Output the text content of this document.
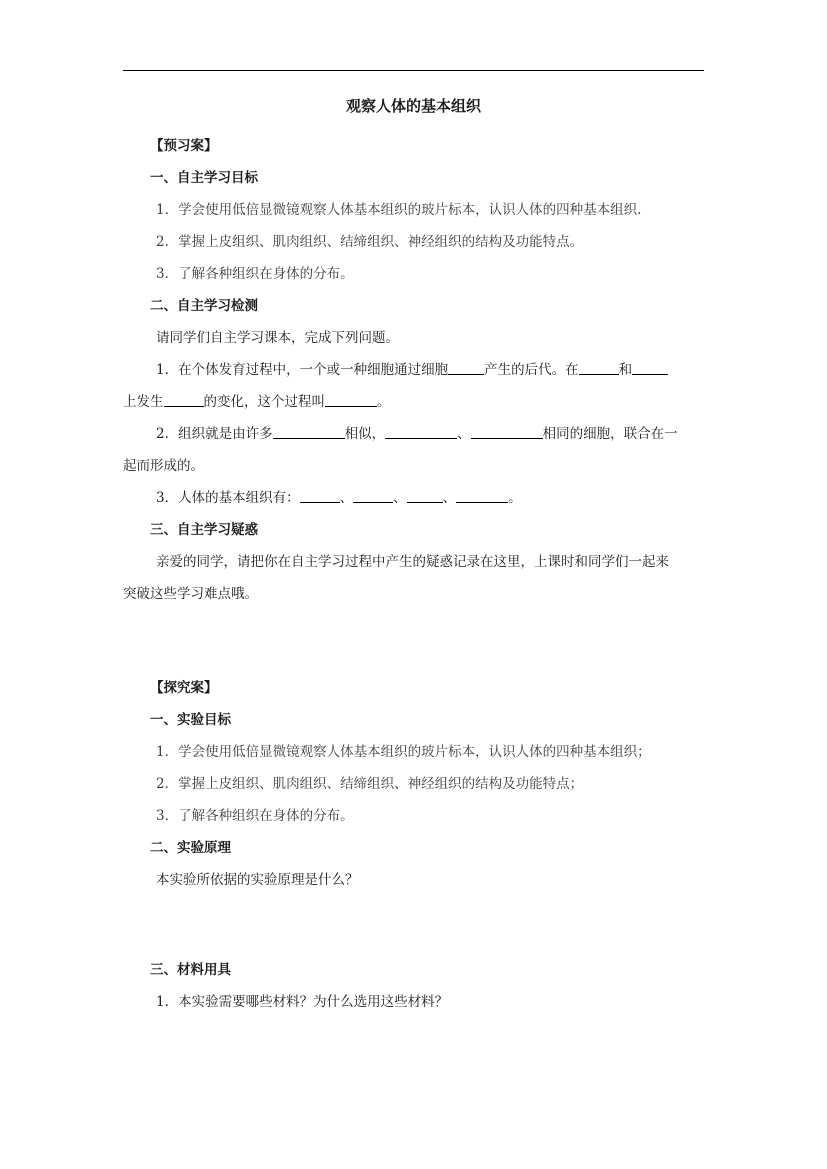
观察人体的基本组织
【预习案】
一、自主学习目标
1．学会使用低倍显微镜观察人体基本组织的玻片标本，认识人体的四种基本组织.
2．掌握上皮组织、肌肉组织、结缔组织、神经组织的结构及功能特点。
3．了解各种组织在身体的分布。
二、自主学习检测
请同学们自主学习课本，完成下列问题。
1．在个体发育过程中，一个或一种细胞通过细胞	产生的后代。在	和
上发生	的变化，这个过程叫	。
2．组织就是由许多	相似，	、	相同的细胞，联合在一
起而形成的。
3．人体的基本组织有：	、	、	、	。
三、自主学习疑惑
亲爱的同学，请把你在自主学习过程中产生的疑惑记录在这里，上课时和同学们一起来
突破这些学习难点哦。
【探究案】
一、实验目标
1．学会使用低倍显微镜观察人体基本组织的玻片标本，认识人体的四种基本组织；
2．掌握上皮组织、肌肉组织、结缔组织、神经组织的结构及功能特点；
3．了解各种组织在身体的分布。
二、实验原理
本实验所依据的实验原理是什么？
三、材料用具
1．本实验需要哪些材料？为什么选用这些材料？
